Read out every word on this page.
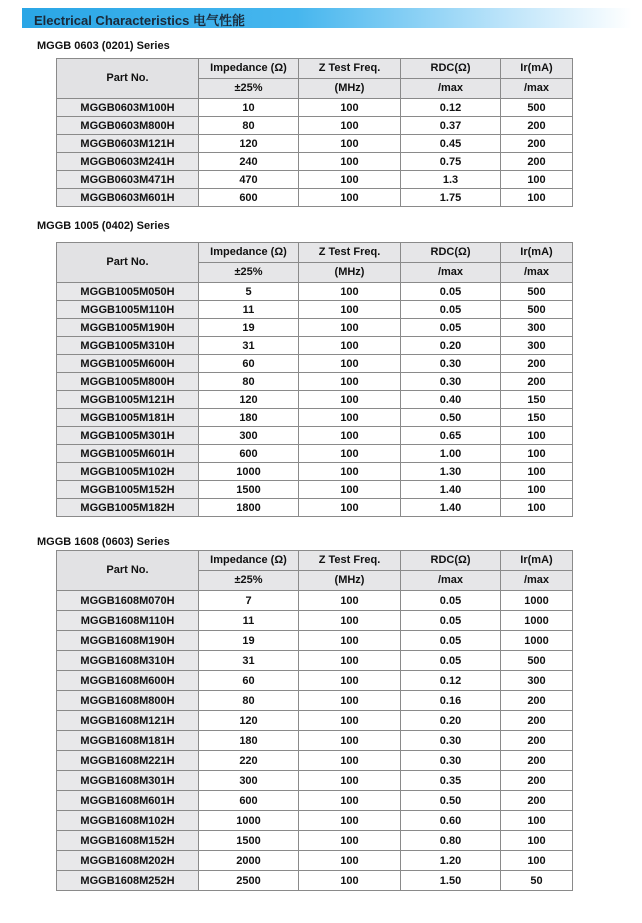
Electrical Characteristics 电气性能
MGGB 0603 (0201) Series
Part No.	Impedance (Ω)	Z Test Freq.	RDC(Ω)	Ir(mA)
	±25%	(MHz)	/max	/max
MGGB0603M100H	10	100	0.12	500
MGGB0603M800H	80	100	0.37	200
MGGB0603M121H	120	100	0.45	200
MGGB0603M241H	240	100	0.75	200
MGGB0603M471H	470	100	1.3	100
MGGB0603M601H	600	100	1.75	100
MGGB 1005 (0402) Series
Part No.	Impedance (Ω)	Z Test Freq.	RDC(Ω)	Ir(mA)
	±25%	(MHz)	/max	/max
MGGB1005M050H	5	100	0.05	500
MGGB1005M110H	11	100	0.05	500
MGGB1005M190H	19	100	0.05	300
MGGB1005M310H	31	100	0.20	300
MGGB1005M600H	60	100	0.30	200
MGGB1005M800H	80	100	0.30	200
MGGB1005M121H	120	100	0.40	150
MGGB1005M181H	180	100	0.50	150
MGGB1005M301H	300	100	0.65	100
MGGB1005M601H	600	100	1.00	100
MGGB1005M102H	1000	100	1.30	100
MGGB1005M152H	1500	100	1.40	100
MGGB1005M182H	1800	100	1.40	100
MGGB 1608 (0603) Series
Part No.	Impedance (Ω)	Z Test Freq.	RDC(Ω)	Ir(mA)
	±25%	(MHz)	/max	/max
MGGB1608M070H	7	100	0.05	1000
MGGB1608M110H	11	100	0.05	1000
MGGB1608M190H	19	100	0.05	1000
MGGB1608M310H	31	100	0.05	500
MGGB1608M600H	60	100	0.12	300
MGGB1608M800H	80	100	0.16	200
MGGB1608M121H	120	100	0.20	200
MGGB1608M181H	180	100	0.30	200
MGGB1608M221H	220	100	0.30	200
MGGB1608M301H	300	100	0.35	200
MGGB1608M601H	600	100	0.50	200
MGGB1608M102H	1000	100	0.60	100
MGGB1608M152H	1500	100	0.80	100
MGGB1608M202H	2000	100	1.20	100
MGGB1608M252H	2500	100	1.50	50
